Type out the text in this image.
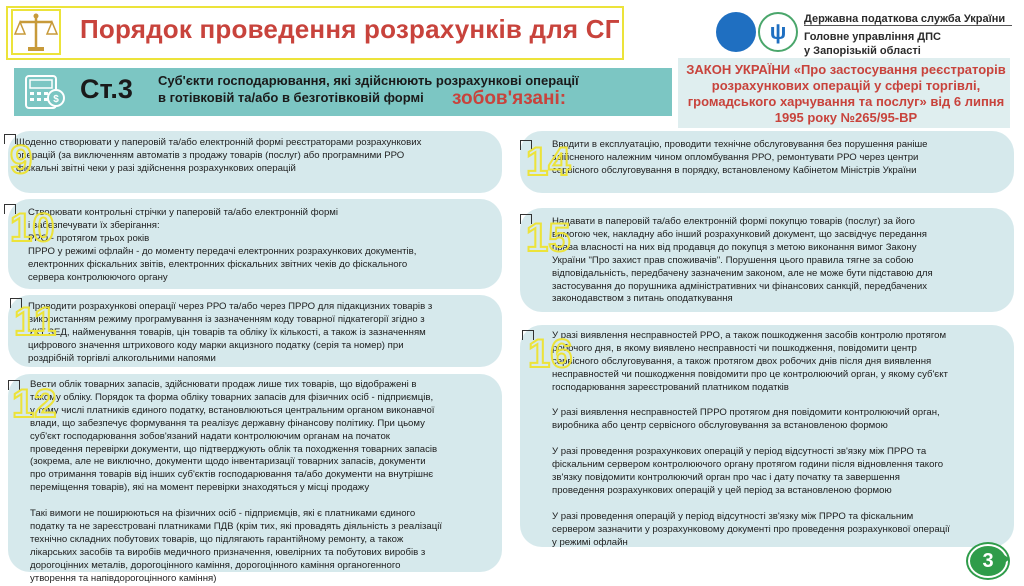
Порядок проведення розрахунків для СГ	ψ	Державна податкова служба України
Головне управління ДПС
у Запорізькій області
$ Ст.3 Суб'єкти господарювання, які здійснюють розрахункові операції
в готівковій та/або в безготівковій формі зобов'язані:
ЗАКОН УКРАЇНИ «Про застосування реєстраторів розрахункових операцій у сфері торгівлі, громадського харчування та послуг» від 6 липня 1995 року №265/95-ВР
Щоденно створювати у паперовій та/або електронній формі реєстраторами розрахункових
операцій (за виключенням автоматів з продажу товарів (послуг) або програмними РРО
фіскальні звітні чеки у разі здійснення розрахункових операцій
9
Створювати контрольні стрічки у паперовій та/або електронній формі
і забезпечувати їх зберігання:
РРО - протягом трьох років
ПРРО у режимі офлайн - до моменту передачі електронних розрахункових документів,
електронних фіскальних звітів, електронних фіскальних звітних чеків до фіскального
сервера контролюючого органу
10
Проводити розрахункові операції через РРО та/або через ПРРО для підакцизних товарів з
використанням режиму програмування із зазначенням коду товарної підкатегорії згідно з
УКТ ЗЕД, найменування товарів, цін товарів та обліку їх кількості, а також із зазначенням
цифрового значення штрихового коду марки акцизного податку (серія та номер) при
роздрібній торгівлі алкогольними напоями
11
Вести облік товарних запасів, здійснювати продаж лише тих товарів, що відображені в
такому обліку. Порядок та форма обліку товарних запасів для фізичних осіб - підприємців,
у тому числі платників єдиного податку, встановлюються центральним органом виконавчої
влади, що забезпечує формування та реалізує державну фінансову політику. При цьому
суб'єкт господарювання зобов'язаний надати контролюючим органам на початок
проведення перевірки документи, що підтверджують облік та походження товарних запасів
(зокрема, але не виключно, документи щодо інвентаризації товарних запасів, документи
про отримання товарів від інших суб'єктів господарювання та/або документи на внутрішнє
переміщення товарів), які на момент перевірки знаходяться у місці продажу

Такі вимоги не поширюються на фізичних осіб - підприємців, які є платниками єдиного
податку та не зареєстровані платниками ПДВ (крім тих, які провадять діяльність з реалізації
технічно складних побутових товарів, що підлягають гарантійному ремонту, а також
лікарських засобів та виробів медичного призначення, ювелірних та побутових виробів з
дорогоцінних металів, дорогоцінного каміння, дорогоцінного каміння органогенного
утворення та напівдорогоцінного каміння)
12
Вводити в експлуатацію, проводити технічне обслуговування без порушення раніше
здійсненого належним чином опломбування РРО, ремонтувати РРО через центри
сервісного обслуговування в порядку, встановленому Кабінетом Міністрів України
14
Надавати в паперовій та/або електронній формі покупцю товарів (послуг) за його
вимогою чек, накладну або інший розрахунковий документ, що засвідчує передання
права власності на них від продавця до покупця з метою виконання вимог Закону
України "Про захист прав споживачів". Порушення цього правила тягне за собою
відповідальність, передбачену зазначеним законом, але не може бути підставою для
застосування до порушника адміністративних чи фінансових санкцій, передбачених
законодавством з питань оподаткування
15
У разі виявлення несправностей РРО, а також пошкодження засобів контролю протягом
робочого дня, в якому виявлено несправності чи пошкодження, повідомити центр
сервісного обслуговування, а також протягом двох робочих днів після дня виявлення
несправностей чи пошкодження повідомити про це контролюючий орган, у якому суб'єкт
господарювання зареєстрований платником податків

У разі виявлення несправностей ПРРО протягом дня повідомити контролюючий орган,
виробника або центр сервісного обслуговування за встановленою формою

У разі проведення розрахункових операцій у період відсутності зв'язку між ПРРО та
фіскальним сервером контролюючого органу протягом години після відновлення такого
зв'язку повідомити контролюючий орган про час і дату початку та завершення
проведення розрахункових операцій у цей період за встановленою формою

У разі проведення операцій у період відсутності зв'язку між ПРРО та фіскальним
сервером зазначити у розрахунковому документі про проведення розрахункової операції
у режимі офлайн
16
3
